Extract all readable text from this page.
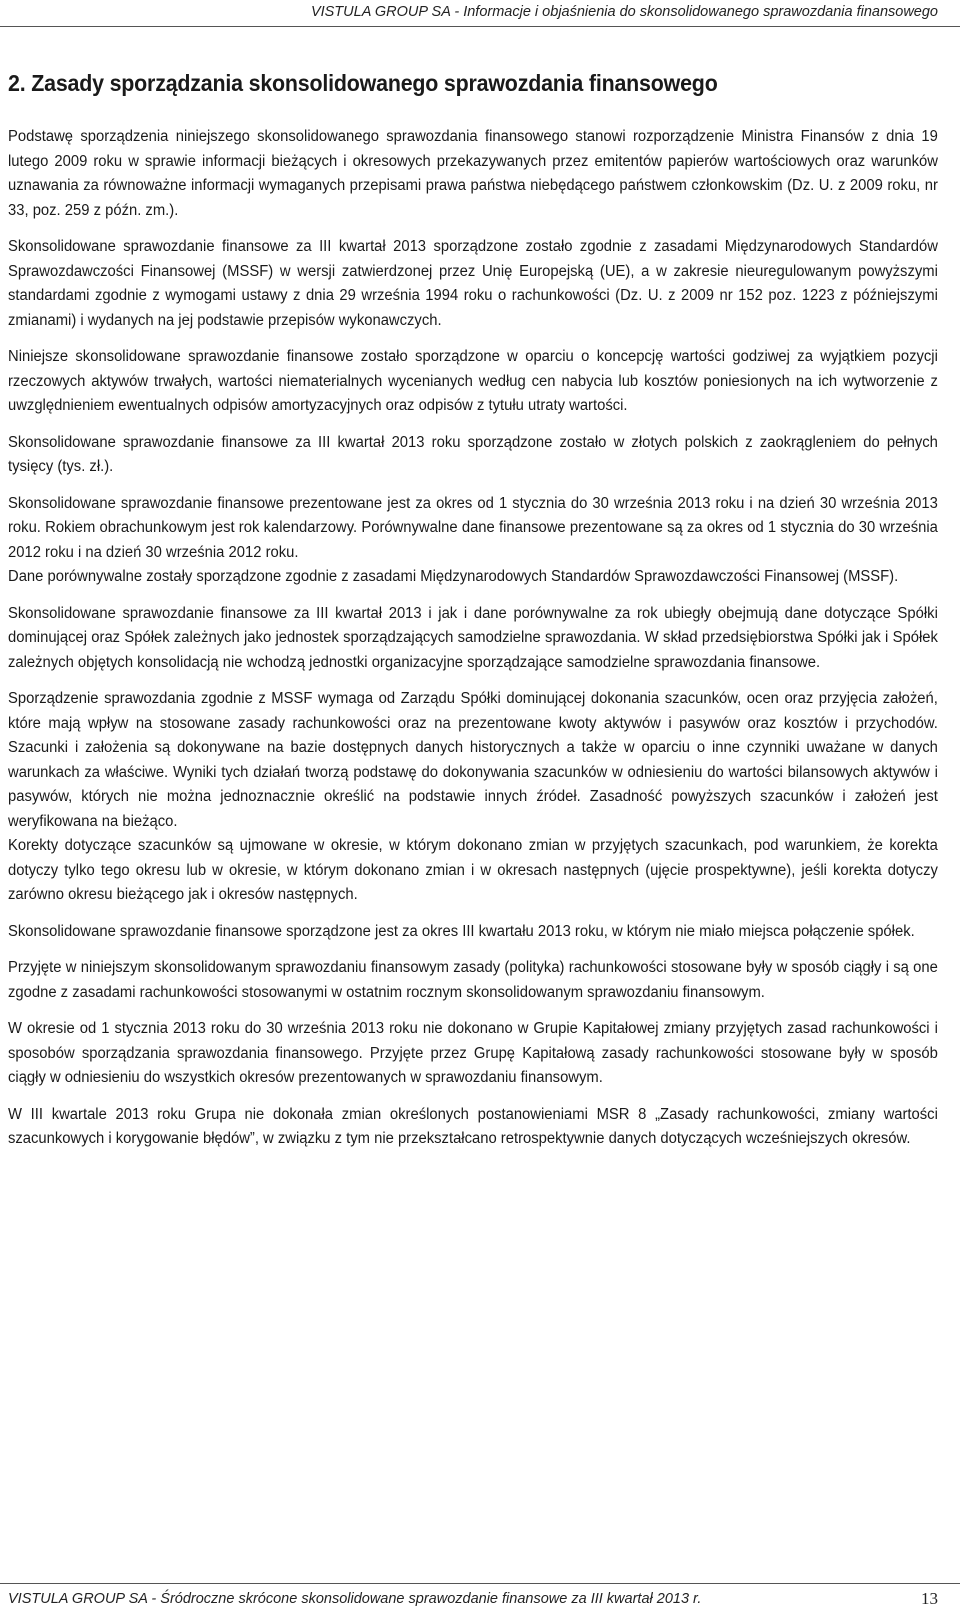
VISTULA GROUP SA - Informacje i objaśnienia do skonsolidowanego sprawozdania finansowego
2. Zasady sporządzania skonsolidowanego sprawozdania finansowego

Podstawę sporządzenia niniejszego skonsolidowanego sprawozdania finansowego stanowi rozporządzenie Ministra Finansów z dnia 19 lutego 2009 roku w sprawie informacji bieżących i okresowych przekazywanych przez emitentów papierów wartościowych oraz warunków uznawania za równoważne informacji wymaganych przepisami prawa państwa niebędącego państwem członkowskim (Dz. U. z 2009 roku, nr 33, poz. 259 z późn. zm.).

Skonsolidowane sprawozdanie finansowe za III kwartał 2013 sporządzone zostało zgodnie z zasadami Międzynarodowych Standardów Sprawozdawczości Finansowej (MSSF) w wersji zatwierdzonej przez Unię Europejską (UE), a w zakresie nieuregulowanym powyższymi standardami zgodnie z wymogami ustawy z dnia 29 września 1994 roku o rachunkowości (Dz. U. z 2009 nr 152 poz. 1223 z późniejszymi zmianami) i wydanych na jej podstawie przepisów wykonawczych.

Niniejsze skonsolidowane sprawozdanie finansowe zostało sporządzone w oparciu o koncepcję wartości godziwej za wyjątkiem pozycji rzeczowych aktywów trwałych, wartości niematerialnych wycenianych według cen nabycia lub kosztów poniesionych na ich wytworzenie z uwzględnieniem ewentualnych odpisów amortyzacyjnych oraz odpisów z tytułu utraty wartości.

Skonsolidowane sprawozdanie finansowe za III kwartał 2013 roku sporządzone zostało w złotych polskich z zaokrągleniem do pełnych tysięcy (tys. zł.).

Skonsolidowane sprawozdanie finansowe prezentowane jest za okres od 1 stycznia do 30 września 2013 roku i na dzień 30 września 2013 roku. Rokiem obrachunkowym jest rok kalendarzowy. Porównywalne dane finansowe prezentowane są za okres od 1 stycznia do 30 września 2012 roku i na dzień 30 września 2012 roku.

Dane porównywalne zostały sporządzone zgodnie z zasadami Międzynarodowych Standardów Sprawozdawczości Finansowej (MSSF).

Skonsolidowane sprawozdanie finansowe za III kwartał 2013 i jak i dane porównywalne za rok ubiegły obejmują dane dotyczące Spółki dominującej oraz Spółek zależnych jako jednostek sporządzających samodzielne sprawozdania. W skład przedsiębiorstwa Spółki jak i Spółek zależnych objętych konsolidacją nie wchodzą jednostki organizacyjne sporządzające samodzielne sprawozdania finansowe.

Sporządzenie sprawozdania zgodnie z MSSF wymaga od Zarządu Spółki dominującej dokonania szacunków, ocen oraz przyjęcia założeń, które mają wpływ na stosowane zasady rachunkowości oraz na prezentowane kwoty aktywów i pasywów oraz kosztów i przychodów. Szacunki i założenia są dokonywane na bazie dostępnych danych historycznych a także w oparciu o inne czynniki uważane w danych warunkach za właściwe. Wyniki tych działań tworzą podstawę do dokonywania szacunków w odniesieniu do wartości bilansowych aktywów i pasywów, których nie można jednoznacznie określić na podstawie innych źródeł. Zasadność powyższych szacunków i założeń jest weryfikowana na bieżąco.

Korekty dotyczące szacunków są ujmowane w okresie, w którym dokonano zmian w przyjętych szacunkach, pod warunkiem, że korekta dotyczy tylko tego okresu lub w okresie, w którym dokonano zmian i w okresach następnych (ujęcie prospektywne), jeśli korekta dotyczy zarówno okresu bieżącego jak i okresów następnych.

Skonsolidowane sprawozdanie finansowe sporządzone jest za okres III kwartału 2013 roku, w którym nie miało miejsca połączenie spółek.

Przyjęte w niniejszym skonsolidowanym sprawozdaniu finansowym zasady (polityka) rachunkowości stosowane były w sposób ciągły i są one zgodne z zasadami rachunkowości stosowanymi w ostatnim rocznym skonsolidowanym sprawozdaniu finansowym.

W okresie od 1 stycznia 2013 roku do 30 września 2013 roku nie dokonano w Grupie Kapitałowej zmiany przyjętych zasad rachunkowości i sposobów sporządzania sprawozdania finansowego. Przyjęte przez Grupę Kapitałową zasady rachunkowości stosowane były w sposób ciągły w odniesieniu do wszystkich okresów prezentowanych w sprawozdaniu finansowym.

W III kwartale 2013 roku Grupa nie dokonała zmian określonych postanowieniami MSR 8 „Zasady rachunkowości, zmiany wartości szacunkowych i korygowanie błędów”, w związku z tym nie przekształcano retrospektywnie danych dotyczących wcześniejszych okresów.

VISTULA GROUP SA - Śródroczne skrócone skonsolidowane sprawozdanie finansowe za III kwartał 2013 r.	13
